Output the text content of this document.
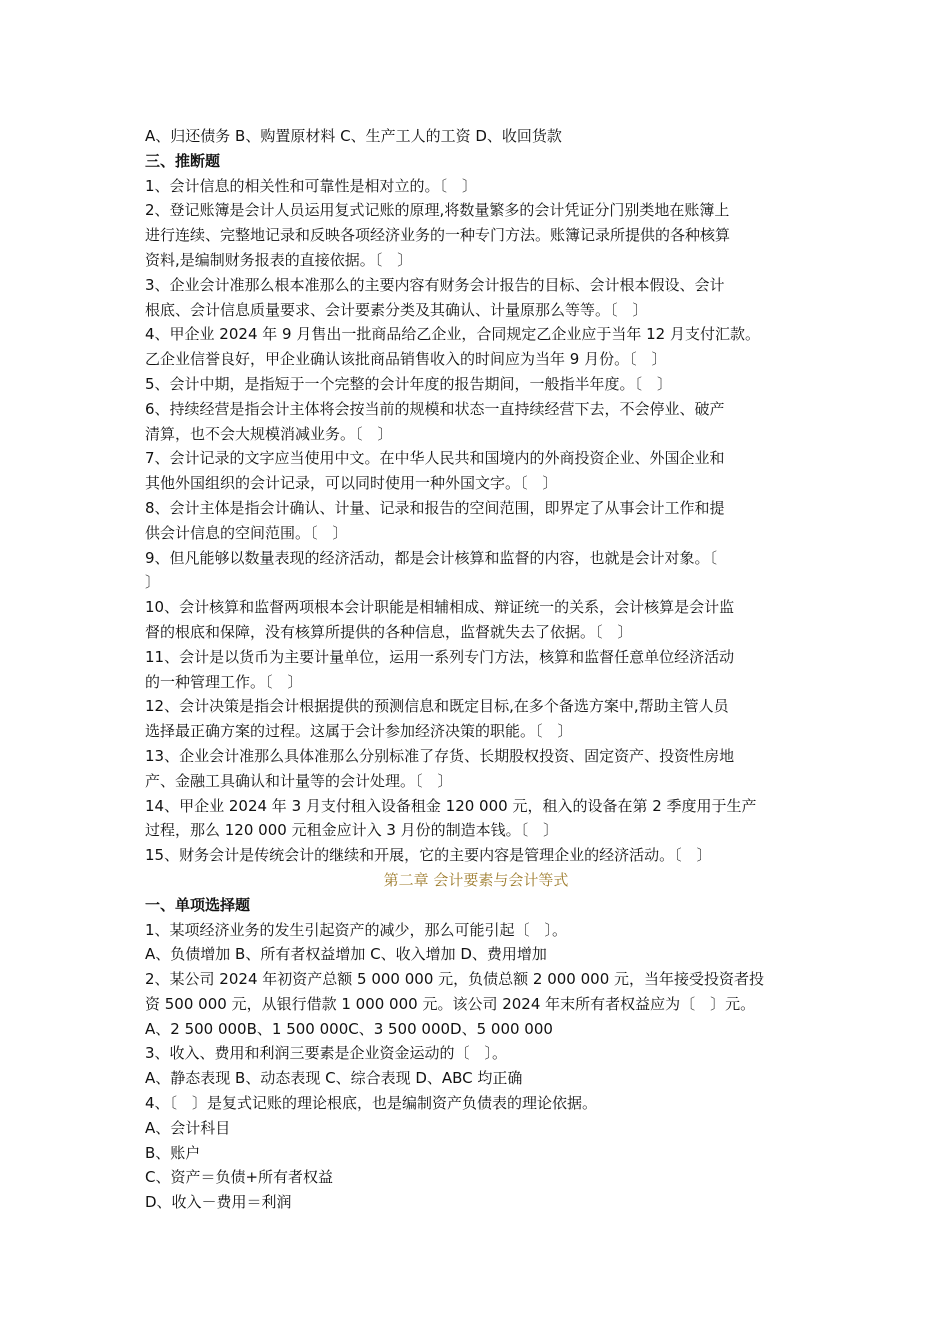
A、归还债务 B、购置原材料 C、生产工人的工资 D、收回货款

三、推断题

1、会计信息的相关性和可靠性是相对立的。〔　〕

2、登记账簿是会计人员运用复式记账的原理,将数量繁多的会计凭证分门别类地在账簿上

进行连续、完整地记录和反映各项经济业务的一种专门方法。账簿记录所提供的各种核算

资料,是编制财务报表的直接依据。〔　〕

3、企业会计准那么根本准那么的主要内容有财务会计报告的目标、会计根本假设、会计

根底、会计信息质量要求、会计要素分类及其确认、计量原那么等等。〔　〕

4、甲企业 2024 年 9 月售出一批商品给乙企业，合同规定乙企业应于当年 12 月支付汇款。

乙企业信誉良好，甲企业确认该批商品销售收入的时间应为当年 9 月份。〔　〕

5、会计中期，是指短于一个完整的会计年度的报告期间，一般指半年度。〔　〕

6、持续经营是指会计主体将会按当前的规模和状态一直持续经营下去，不会停业、破产

清算，也不会大规模消减业务。〔　〕

7、会计记录的文字应当使用中文。在中华人民共和国境内的外商投资企业、外国企业和

其他外国组织的会计记录，可以同时使用一种外国文字。〔　〕

8、会计主体是指会计确认、计量、记录和报告的空间范围，即界定了从事会计工作和提

供会计信息的空间范围。〔　〕

9、但凡能够以数量表现的经济活动，都是会计核算和监督的内容，也就是会计对象。〔

〕

10、会计核算和监督两项根本会计职能是相辅相成、辩证统一的关系，会计核算是会计监

督的根底和保障，没有核算所提供的各种信息，监督就失去了依据。〔　〕

11、会计是以货币为主要计量单位，运用一系列专门方法，核算和监督任意单位经济活动

的一种管理工作。〔　〕

12、会计决策是指会计根据提供的预测信息和既定目标,在多个备选方案中,帮助主管人员

选择最正确方案的过程。这属于会计参加经济决策的职能。〔　〕

13、企业会计准那么具体准那么分别标准了存货、长期股权投资、固定资产、投资性房地

产、金融工具确认和计量等的会计处理。〔　〕

14、甲企业 2024 年 3 月支付租入设备租金 120 000 元，租入的设备在第 2 季度用于生产

过程，那么 120 000 元租金应计入 3 月份的制造本钱。〔　〕

15、财务会计是传统会计的继续和开展，它的主要内容是管理企业的经济活动。〔　〕

第二章 会计要素与会计等式

一、单项选择题

1、某项经济业务的发生引起资产的减少，那么可能引起〔　〕。

A、负债增加 B、所有者权益增加 C、收入增加 D、费用增加

2、某公司 2024 年初资产总额 5 000 000 元，负债总额 2 000 000 元，当年接受投资者投

资 500 000 元，从银行借款 1 000 000 元。该公司 2024 年末所有者权益应为〔　〕元。

A、2 500 000B、1 500 000C、3 500 000D、5 000 000

3、收入、费用和利润三要素是企业资金运动的〔　〕。

A、静态表现 B、动态表现 C、综合表现 D、ABC 均正确

4、〔　〕是复式记账的理论根底，也是编制资产负债表的理论依据。

A、会计科目

B、账户

C、资产＝负债+所有者权益

D、收入－费用＝利润
